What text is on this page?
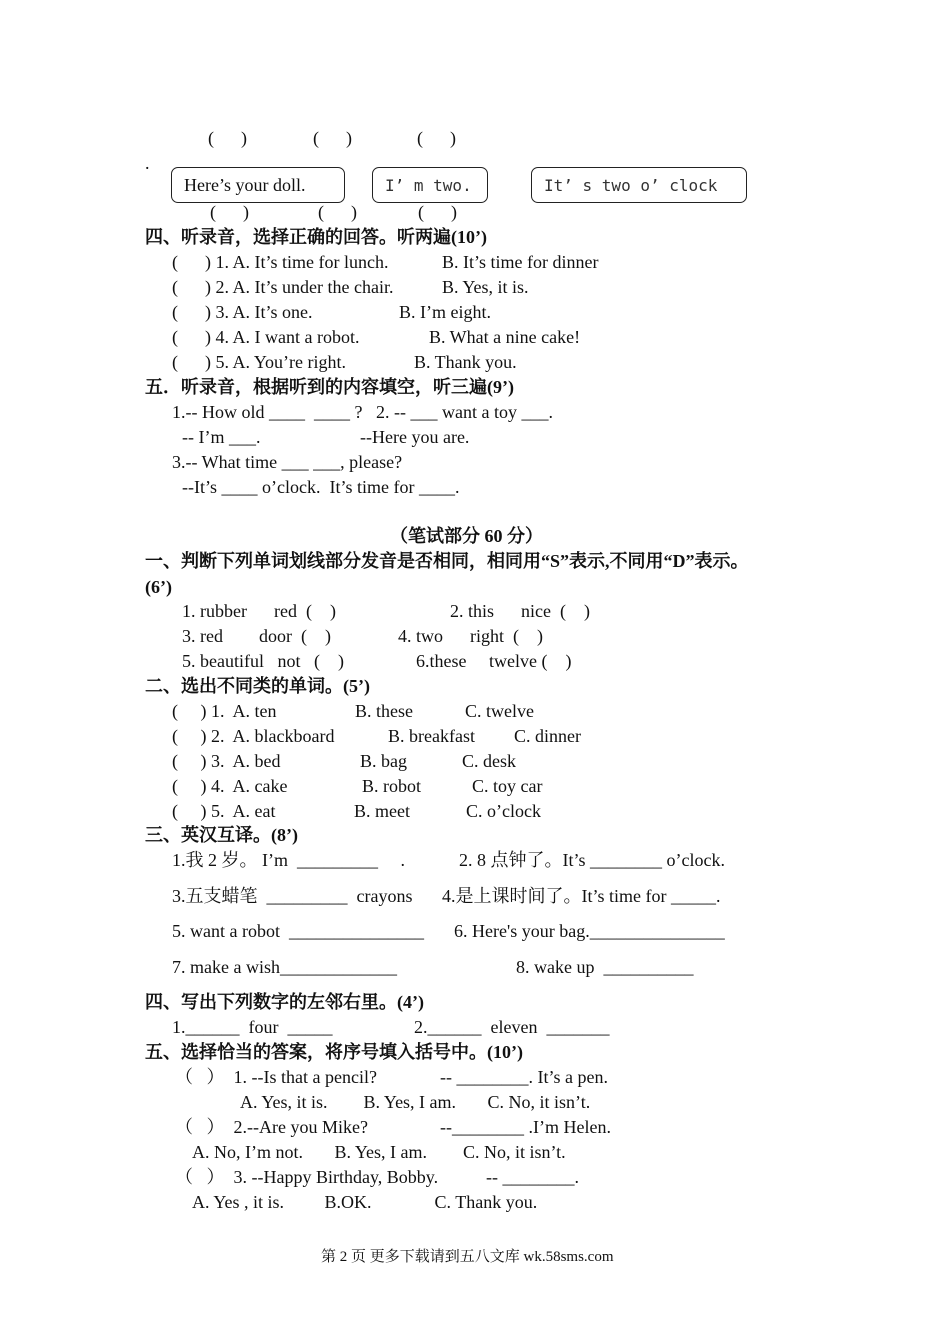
(      )	(      )	(      )
.
Here’s your doll.	I’ m two.	It’ s two o’ clock
(      )	(      )	(      )
四、听录音，选择正确的回答。听两遍(10’)
(      ) 1. A. It’s time for lunch.	B. It’s time for dinner
(      ) 2. A. It’s under the chair.	B. Yes, it is.
(      ) 3. A. It’s one.	B. I’m eight.
(      ) 4. A. I want a robot.	B. What a nine cake!
(      ) 5. A. You’re right.	B. Thank you.
五．听录音，根据听到的内容填空，听三遍(9’)
1.-- How old ____  ____ ?   2. -- ___ want a toy ___.
-- I’m ___.	--Here you are.
3.-- What time ___ ___, please?
--It’s ____ o’clock.  It’s time for ____.
（笔试部分 60 分）
一、判断下列单词划线部分发音是否相同，相同用“S”表示,不同用“D”表示。
(6’)
1. rubber      red  (    )	2. this      nice  (    )
3. red        door  (    )	4. two      right  (    )
5. beautiful   not   (    )	6.these     twelve (    )
二、选出不同类的单词。(5’)
(     ) 1.  A. ten	B. these	C. twelve
(     ) 2.  A. blackboard	B. breakfast C. dinner
(     ) 3.  A. bed	B. bag	C. desk
(     ) 4.  A. cake	B. robot	C. toy car
(     ) 5.  A. eat	B. meet	C. o’clock
三、英汉互译。(8’)
1.我 2 岁。 I’m  _________     .	2. 8 点钟了。It’s ________ o’clock.
3.五支蜡笔  _________  crayons 4.是上课时间了。It’s time for _____.
5. want a robot  _______________ 6. Here's your bag._______________
7. make a wish_____________	8. wake up  __________
四、写出下列数字的左邻右里。(4’)
1.______  four  _____	2.______  eleven  _______
五、选择恰当的答案，将序号填入括号中。(10’)
（   ）  1. --Is that a pencil?	-- ________. It’s a pen.
A. Yes, it is.        B. Yes, I am.       C. No, it isn’t.
（   ）  2.--Are you Mike?	--________ .I’m Helen.
A. No, I’m not.       B. Yes, I am.        C. No, it isn’t.
（   ）  3. --Happy Birthday, Bobby.	-- ________.
A. Yes , it is.         B.OK.              C. Thank you.
第 2 页 更多下载请到五八文库 wk.58sms.com
